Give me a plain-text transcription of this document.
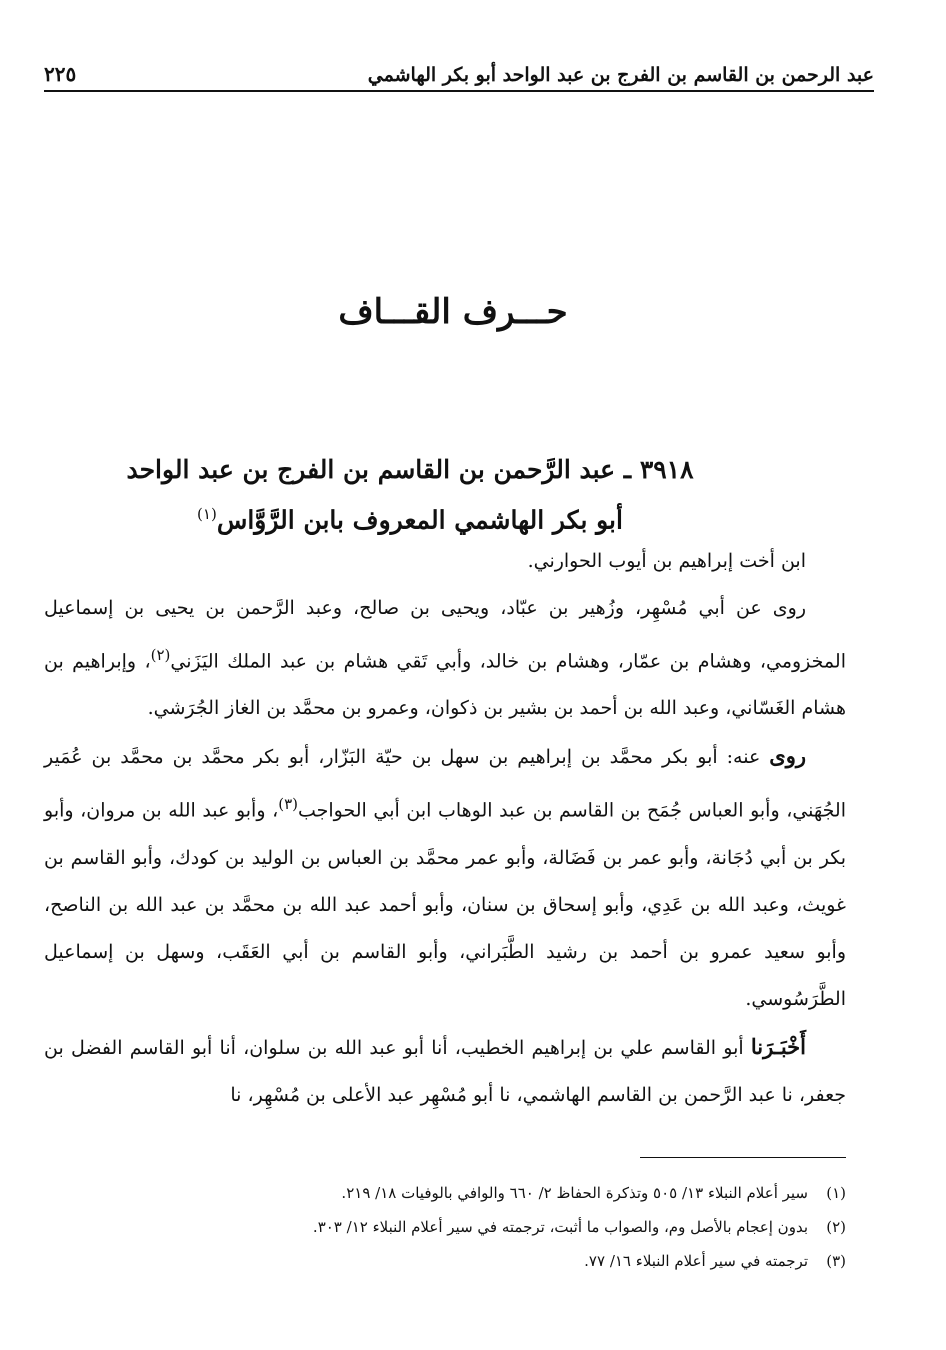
عبد الرحمن بن القاسم بن الفرج بن عبد الواحد أبو بكر الهاشمي
٢٢٥
حـــرف القـــاف
٣٩١٨ ـ عبد الرَّحمن بن القاسم بن الفرج بن عبد الواحد
أبو بكر الهاشمي المعروف بابن الرَّوَّاس$^{(١)}$

ابن أخت إبراهيم بن أيوب الحوارني.

روى عن أبي مُسْهِر، وزُهير بن عبّاد، ويحيى بن صالح، وعبد الرَّحمن بن يحيى بن إسماعيل المخزومي، وهشام بن عمّار، وهشام بن خالد، وأبي تَقي هشام بن عبد الملك اليَزَني$^{(٢)}$، وإبراهيم بن هشام الغَسّاني، وعبد الله بن أحمد بن بشير بن ذكوان، وعمرو بن محمَّد بن الغاز الجُرَشي.

روى عنه: أبو بكر محمَّد بن إبراهيم بن سهل بن حيّة البَزّار، أبو بكر محمَّد بن محمَّد بن عُمَير الجُهَني، وأبو العباس جُمَح بن القاسم بن عبد الوهاب ابن أبي الحواجب$^{(٣)}$، وأبو عبد الله بن مروان، وأبو بكر بن أبي دُجَانة، وأبو عمر بن فَضَالة، وأبو عمر محمَّد بن العباس بن الوليد بن كودك، وأبو القاسم بن غويث، وعبد الله بن عَدِي، وأبو إسحاق بن سنان، وأبو أحمد عبد الله بن محمَّد بن عبد الله بن الناصح، وأبو سعيد عمرو بن أحمد بن رشيد الطَّبَراني، وأبو القاسم بن أبي العَقَب، وسهل بن إسماعيل الطَّرَسُوسي.

أَخْبَـرَنا أبو القاسم علي بن إبراهيم الخطيب، أنا أبو عبد الله بن سلوان، أنا أبو القاسم الفضل بن جعفر، نا عبد الرَّحمن بن القاسم الهاشمي، نا أبو مُسْهِر عبد الأعلى بن مُسْهِر، نا

(١)سير أعلام النبلاء ١٣/ ٥٠٥ وتذكرة الحفاظ ٢/ ٦٦٠ والوافي بالوفيات ١٨/ ٢١٩.
(٢)بدون إعجام بالأصل وم، والصواب ما أثبت، ترجمته في سير أعلام النبلاء ١٢/ ٣٠٣.
(٣)ترجمته في سير أعلام النبلاء ١٦/ ٧٧.
